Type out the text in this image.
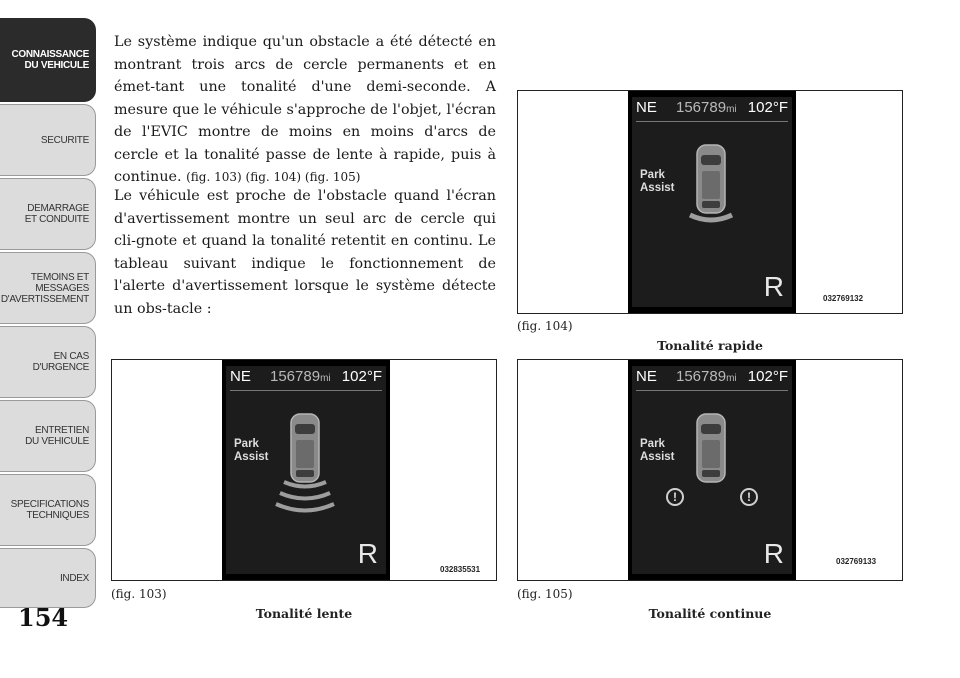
CONNAISSANCE
DU VEHICULE
SECURITE
DEMARRAGE
ET CONDUITE
TEMOINS ET
MESSAGES
D'AVERTISSEMENT
EN CAS
D'URGENCE
ENTRETIEN
DU VEHICULE
SPECIFICATIONS
TECHNIQUES
INDEX
154

Le système indique qu'un obstacle a été détecté en montrant trois arcs de cercle permanents et en émet-tant une tonalité d'une demi-seconde. A mesure que le véhicule s'approche de l'objet, l'écran de l'EVIC montre de moins en moins d'arcs de cercle et la tonalité passe de lente à rapide, puis à continue. (fig. 103) (fig. 104) (fig. 105)

Le véhicule est proche de l'obstacle quand l'écran d'avertissement montre un seul arc de cercle qui cli-gnote et quand la tonalité retentit en continu. Le tableau suivant indique le fonctionnement de l'alerte d'avertissement lorsque le système détecte un obs-tacle :

NE 156789mi 102°F
Park
Assist
R	032769132
(fig. 104)
Tonalité rapide
NE 156789mi 102°F
Park
Assist
R
032835531
(fig. 103)
Tonalité lente
NE 156789mi 102°F
Park
Assist
!	!
R	032769133
(fig. 105)
Tonalité continue
